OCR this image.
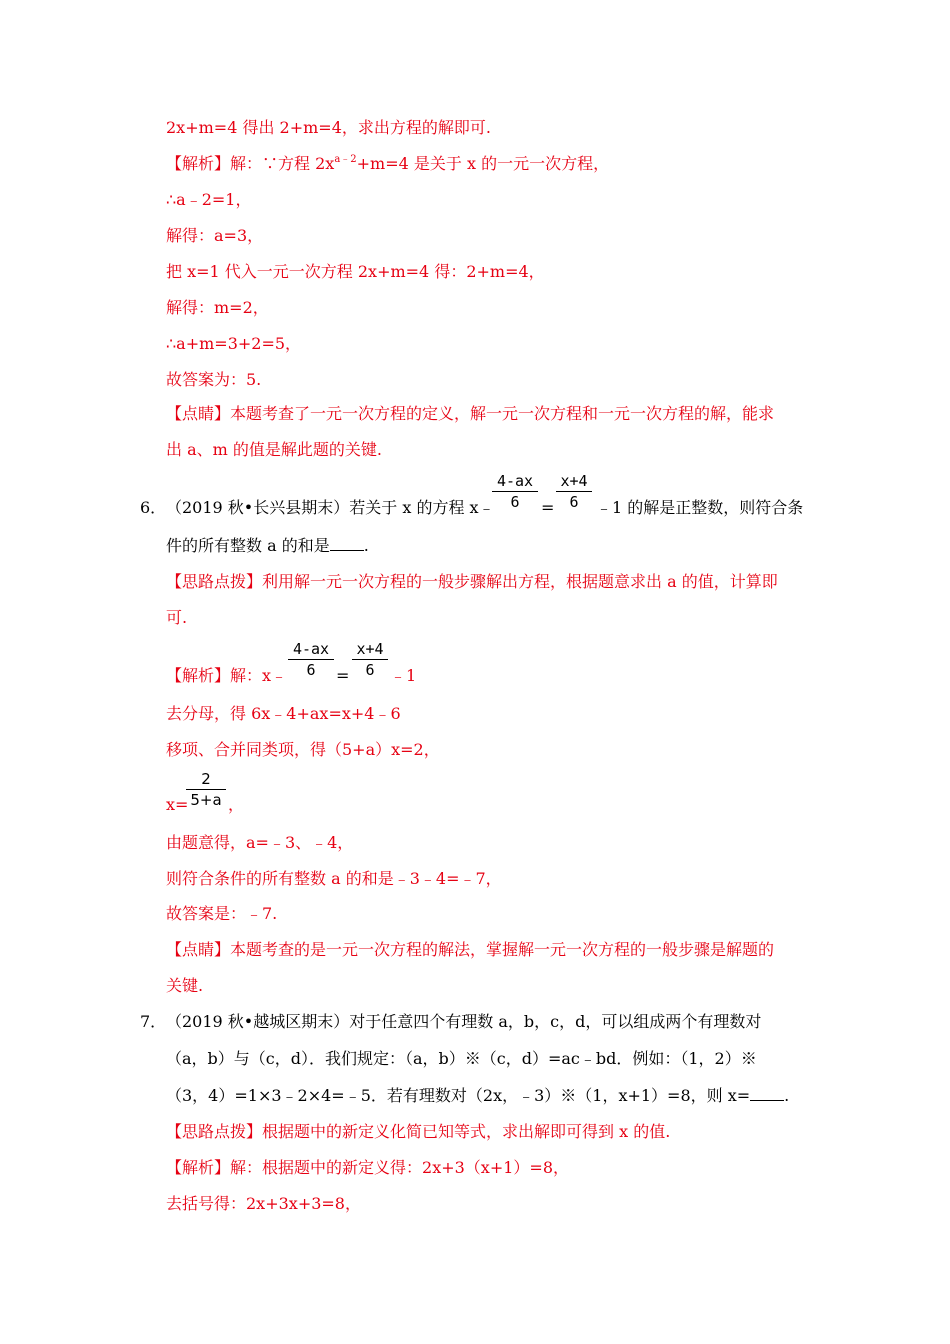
2x+m=4 得出 2+m=4，求出方程的解即可.
【解析】解：∵方程 $2x^{a﹣2}+m=4$ 是关于 x 的一元一次方程，
∴a﹣2=1，
解得：a=3，
把 x=1 代入一元一次方程 2x+m=4 得：2+m=4，
解得：m=2，
∴a+m=3+2=5，
故答案为：5.
【点睛】本题考查了一元一次方程的定义，解一元一次方程和一元一次方程的解，能求
出 a、m 的值是解此题的关键.
6． （2019 秋•长兴县期末）若关于 x 的方程 x﹣
$\frac{4-ax}{6} = \frac{x+4}{6}$ ﹣1 的解是正整数，则符合条
件的所有整数 a 的和是 .
【思路点拨】利用解一元一次方程的一般步骤解出方程，根据题意求出 a 的值，计算即
可.
【解析】解：x﹣ $\frac{4-ax}{6} = \frac{x+4}{6}$ ﹣1
去分母，得 6x﹣4+ax=x+4﹣6
移项、合并同类项，得（5+a）x=2，
x=
$\frac{2}{5+a}$ ，
由题意得，a=﹣3、﹣4，
则符合条件的所有整数 a 的和是﹣3﹣4=﹣7，
故答案是：﹣7.
【点睛】本题考查的是一元一次方程的解法，掌握解一元一次方程的一般步骤是解题的
关键.
7． （2019 秋•越城区期末）对于任意四个有理数 a，b，c，d，可以组成两个有理数对
（a，b）与（c，d）．我们规定：（a，b）※（c，d）=ac﹣bd．例如：（1，2）※
（3，4）=1×3﹣2×4=﹣5．若有理数对（2x，﹣3）※（1，x+1）=8，则 x= .
【思路点拨】根据题中的新定义化简已知等式，求出解即可得到 x 的值.
【解析】解：根据题中的新定义得：2x+3（x+1）=8，
去括号得：2x+3x+3=8，
